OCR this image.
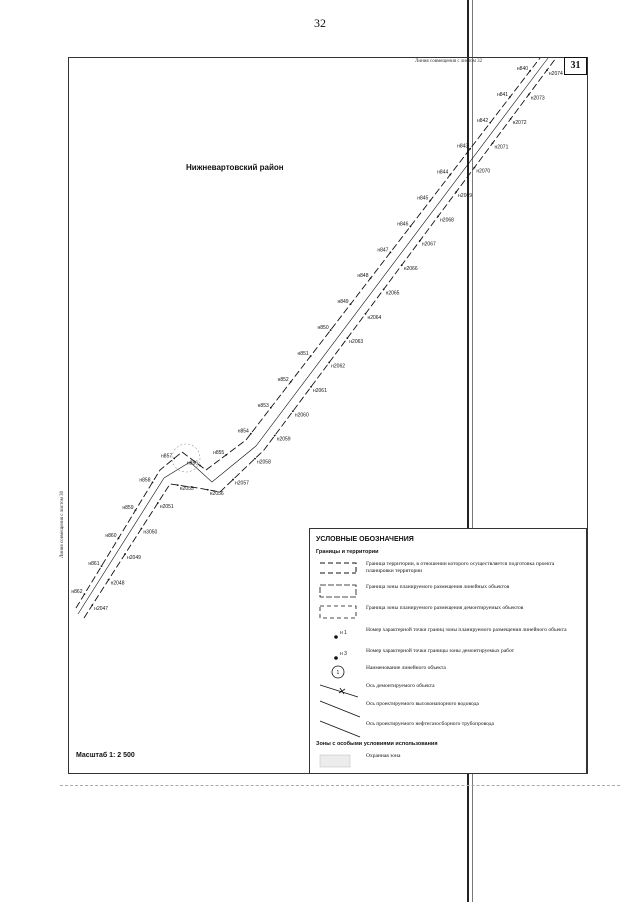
32
Линия совмещения с листом 32	31
Нижневартовский район
Линия совмещения с листом 30
Масштаб 1: 2 500
н840
н841
н842
н843
н844
н845
н846
н847
н848
н849
н850
н851
н852
н853
н854
н855
н856
н857
н858
н859
н860
н861
н862
н2074
н2073
н2072
н2071
н2070
н2069
н2068
н2067
н2066
н2065
н2064
н2063
н2062
н2061
н2060
н2059
н2058
н2057
н2056
н2055
н2051
н3050
н2049
н2048
н2047
УСЛОВНЫЕ ОБОЗНАЧЕНИЯ
Границы и территории
Граница территории, в отношении которого осуществляется подготовка проекта планировки территории
Граница зоны планируемого размещения линейных объектов
Граница зоны планируемого размещения демонтируемых объектов
н 1	Номер характерной точки границ зоны планируемого размещения линейного объекта
н 3	Номер характерной точки границы зоны демонтируемых работ
1
Наименование линейного объекта
Ось демонтируемого объекта
Ось проектируемого высоконапорного водовода
Ось проектируемого нефтегазосборного трубопровода
Зоны с особыми условиями использования
Охранная зона
